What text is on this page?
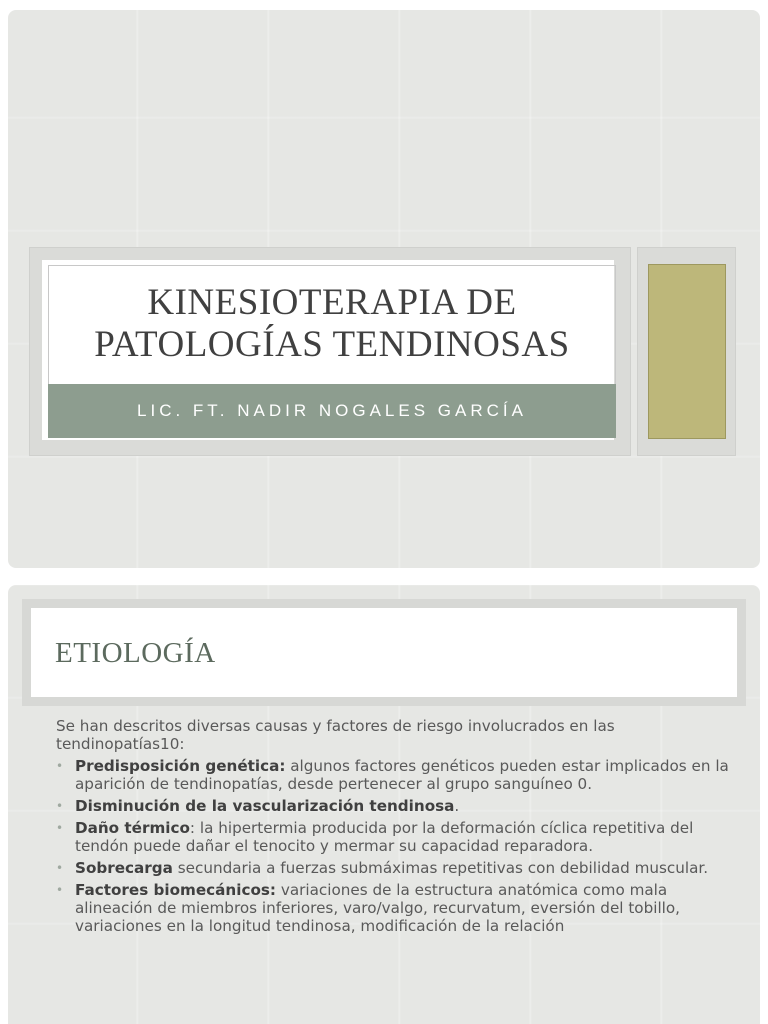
KINESIOTERAPIA DE
PATOLOGÍAS TENDINOSAS
LIC. FT. NADIR NOGALES GARCÍA
ETIOLOGÍA

Se han descritos diversas causas y factores de riesgo involucrados en las tendinopatías10:

• Predisposición genética: algunos factores genéticos pueden estar implicados en la aparición de tendinopatías, desde pertenecer al grupo sanguíneo 0.
• Disminución de la vascularización tendinosa.
• Daño térmico: la hipertermia producida por la deformación cíclica repetitiva del tendón puede dañar el tenocito y mermar su capacidad reparadora.
• Sobrecarga secundaria a fuerzas submáximas repetitivas con debilidad muscular.
• Factores biomecánicos: variaciones de la estructura anatómica como mala alineación de miembros inferiores, varo/valgo, recurvatum, eversión del tobillo, variaciones en la longitud tendinosa, modificación de la relación
